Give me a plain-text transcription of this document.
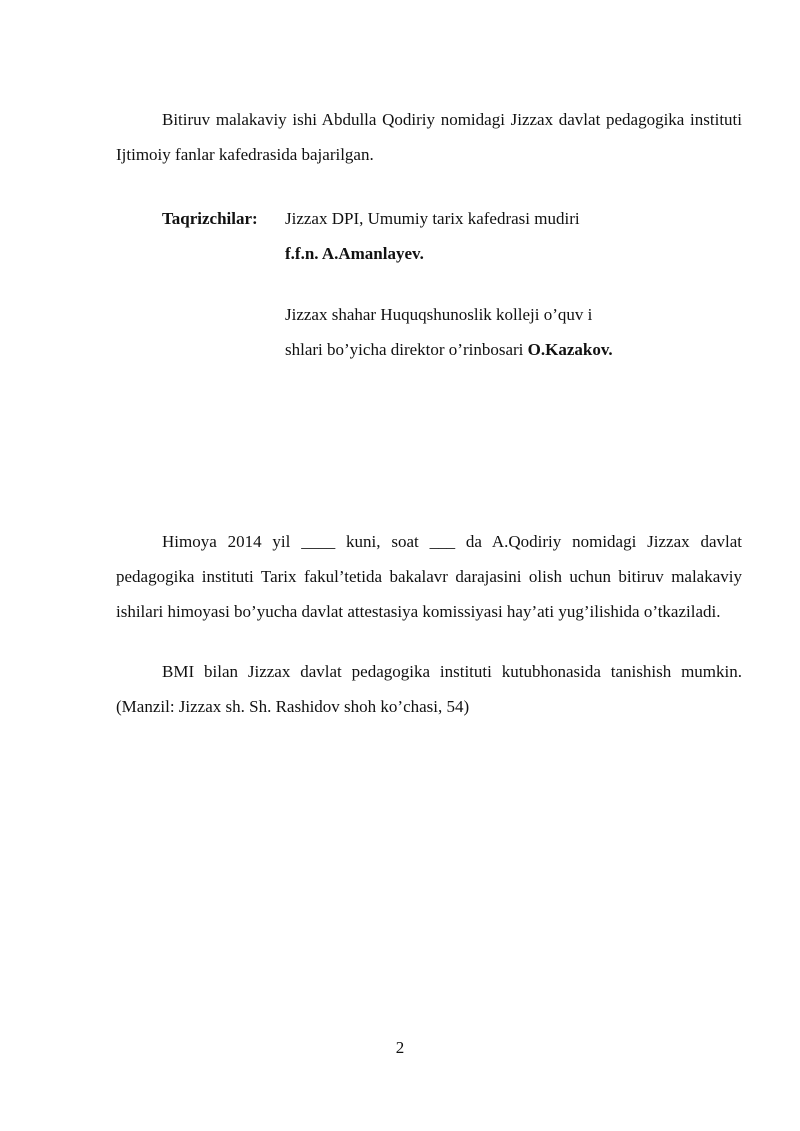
Bitiruv malakaviy ishi Abdulla Qodiriy nomidagi Jizzax davlat pedagogika instituti Ijtimoiy fanlar kafedrasida bajarilgan.
Taqrizchilar: Jizzax DPI, Umumiy tarix kafedrasi mudiri
f.f.n. A.Amanlayev.
Jizzax shahar Huquqshunoslik kolleji o’quv i
shlari bo’yicha direktor o’rinbosari O.Kazakov.
Himoya 2014 yil ____ kuni, soat ___ da A.Qodiriy nomidagi Jizzax davlat pedagogika instituti Tarix fakul’tetida bakalavr darajasini olish uchun bitiruv malakaviy ishilari himoyasi bo’yucha davlat attestasiya komissiyasi hay’ati yug’ilishida o’tkaziladi.
BMI bilan Jizzax davlat pedagogika instituti kutubhonasida tanishish mumkin. (Manzil: Jizzax sh. Sh. Rashidov shoh ko’chasi, 54)
2
